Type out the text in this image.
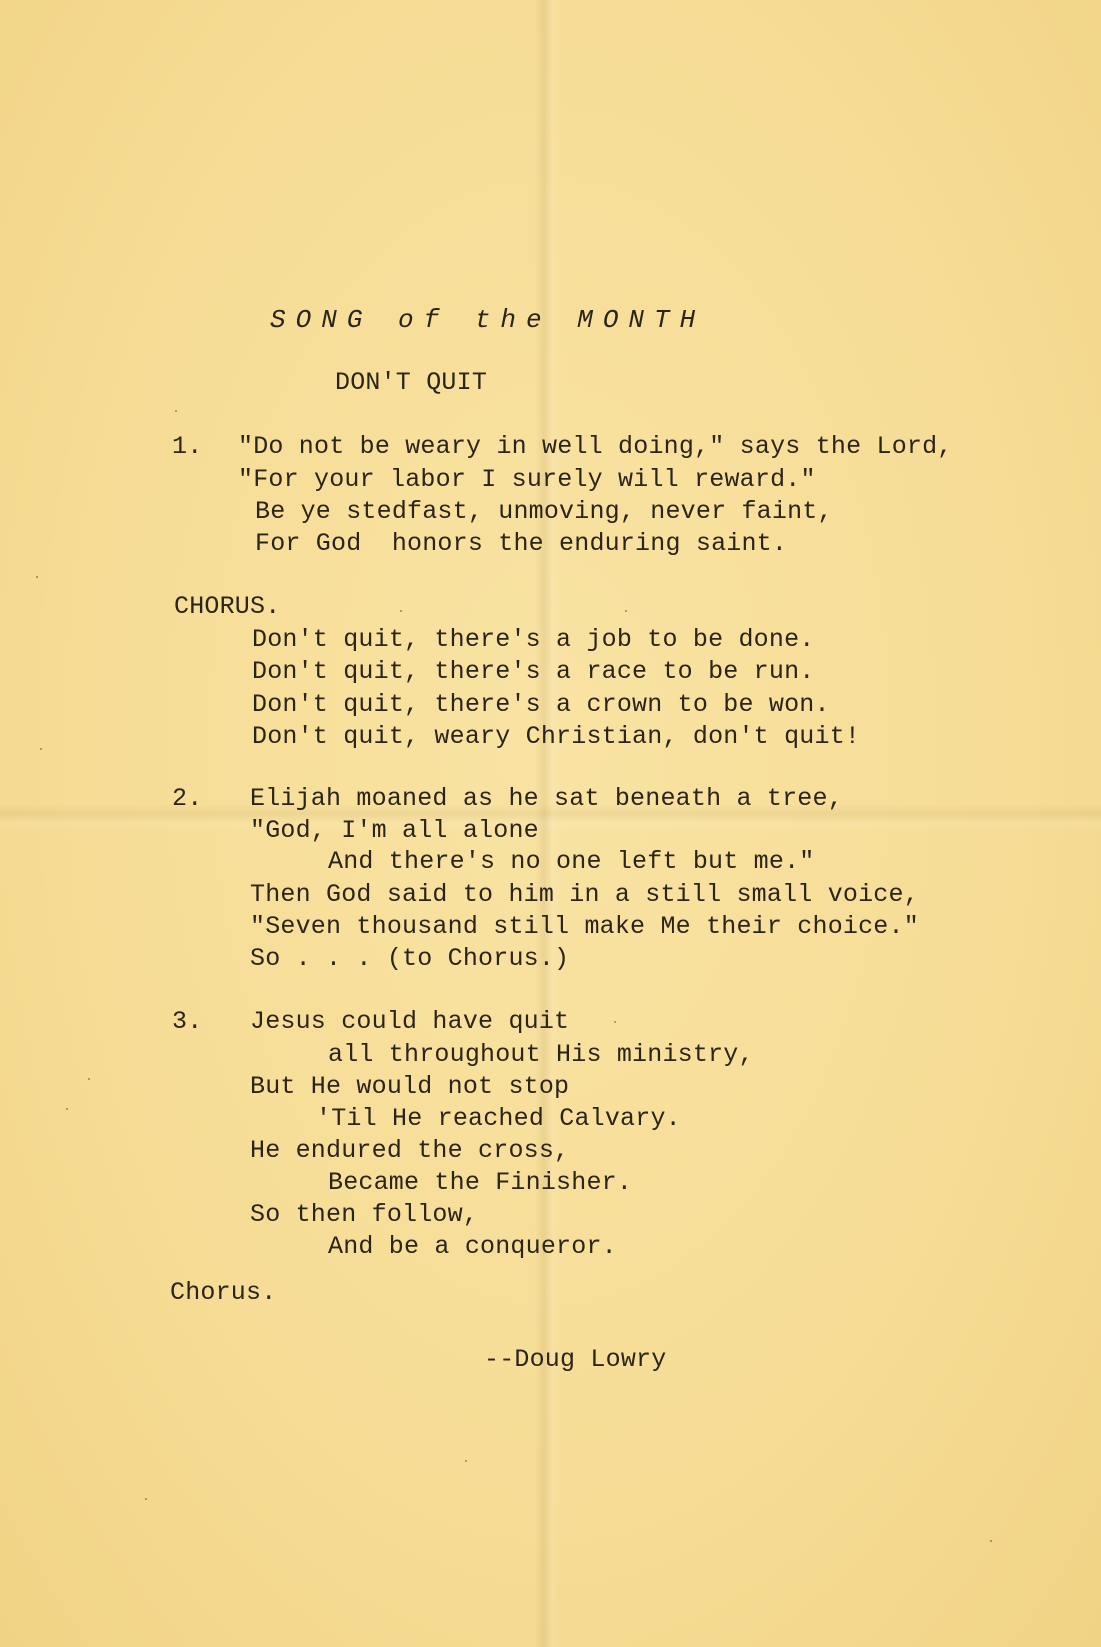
SONG of the MONTH
DON'T QUIT
1. "Do not be weary in well doing," says the Lord,
"For your labor I surely will reward."
Be ye stedfast, unmoving, never faint,
For God  honors the enduring saint.
CHORUS.
Don't quit, there's a job to be done.
Don't quit, there's a race to be run.
Don't quit, there's a crown to be won.
Don't quit, weary Christian, don't quit!
2. Elijah moaned as he sat beneath a tree,
"God, I'm all alone
And there's no one left but me."
Then God said to him in a still small voice,
"Seven thousand still make Me their choice."
So . . . (to Chorus.)
3. Jesus could have quit
all throughout His ministry,
But He would not stop
'Til He reached Calvary.
He endured the cross,
Became the Finisher.
So then follow,
And be a conqueror.
Chorus.
--Doug Lowry
